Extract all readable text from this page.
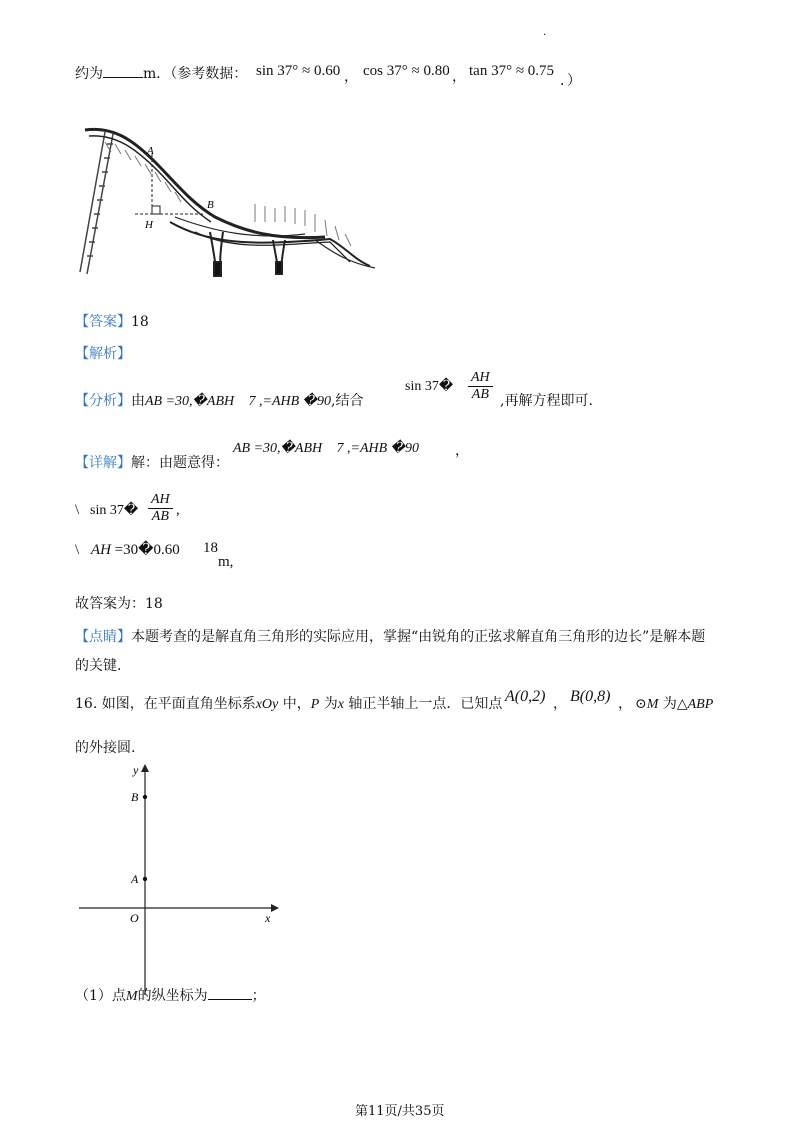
·
约为	m．（参考数据： sin 37° ≈ 0.60 ， cos 37° ≈ 0.80 ， tan 37° ≈ 0.75
．）
A
B
H
【答案】18
【解析】
【分析】由AB =30,�ABH 𰧨7 ,=AHB �90,结合
sin 37� $\frac{AH}{AB}$ ,再解方程即可.
AB =30,�ABH 𰧨7 ,=AHB �90
【详解】解：由题意得：
，
\ sin 37� $\frac{AH}{AB}$ ,
\ AH =30�0.60 18
m,
故答案为：18
【点睛】本题考查的是解直角三角形的实际应用，掌握“由锐角的正弦求解直角三角形的边长”是解本题
的关键.
16. 如图，在平面直角坐标系xOy 中，P 为x 轴正半轴上一点．已知点 A(0,2) ， B(0,8) ， ⊙M 为△ABP
的外接圆.
y
x
B
A
O
（1）点M的纵坐标为	；
第11页/共35页
